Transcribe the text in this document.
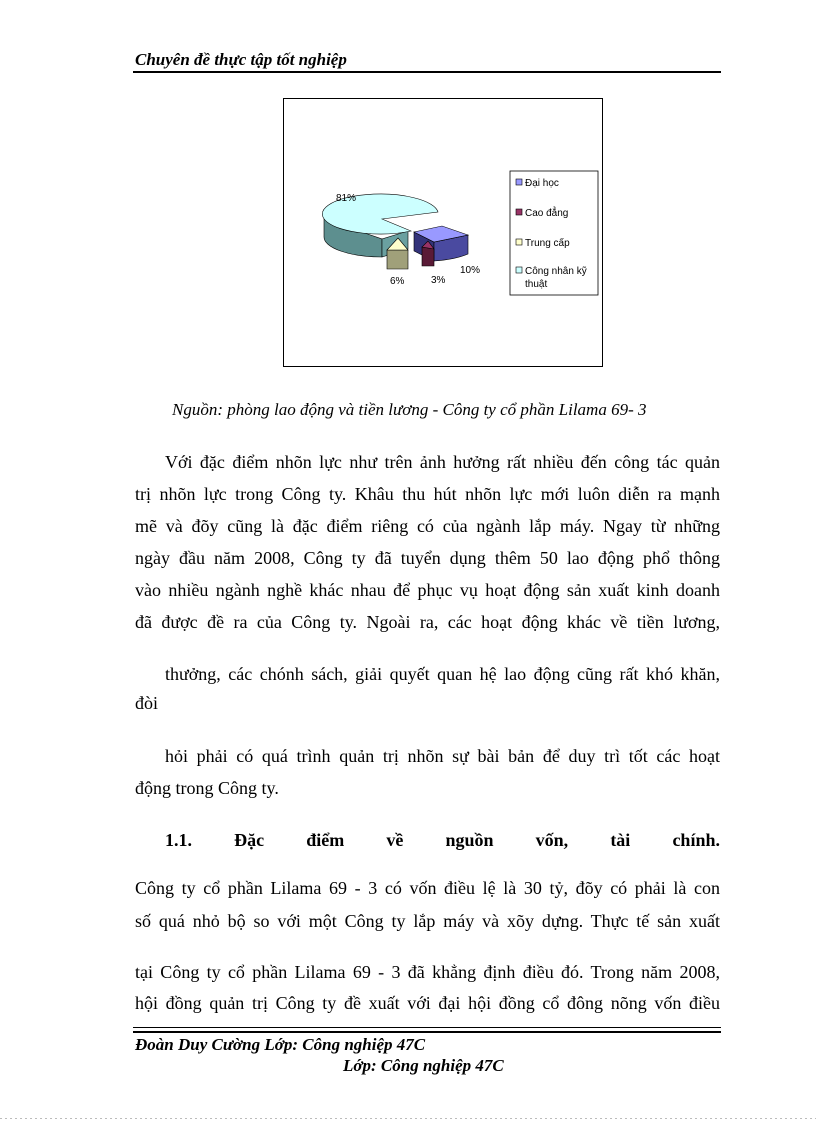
Chuyên đề thực tập tốt nghiệp
10%
3%
6%
81%
Đại học
Cao đẳng
Trung cấp
Công nhân kỹ
thuật
Nguồn: phòng lao động và tiền lương - Công ty cổ phần Lilama 69- 3
Với đặc điểm nhõn lực như trên ảnh hưởng rất nhiều đến công tác quản
trị nhõn lực trong Công ty. Khâu thu hút nhõn lực mới luôn diễn ra mạnh
mẽ và đõy cũng là đặc điểm riêng có của ngành lắp máy. Ngay từ những
ngày đầu năm 2008, Công ty đã tuyển dụng thêm 50 lao động phổ thông
vào nhiều ngành nghề khác nhau để phục vụ hoạt động sản xuất kinh doanh
đã được đề ra của Công ty. Ngoài ra, các hoạt động khác về tiền lương,
thưởng, các chónh sách, giải quyết quan hệ lao động cũng rất khó khăn,
đòi
hỏi phải có quá trình quản trị nhõn sự bài bản để duy trì tốt các hoạt
động trong Công ty.
1.1. Đặc điểm về nguồn vốn, tài chính.
Công ty cổ phần Lilama 69 - 3 có vốn điều lệ là 30 tỷ, đõy có phải là con
số quá nhỏ bộ so với một Công ty lắp máy và xõy dựng. Thực tế sản xuất
tại Công ty cổ phần Lilama 69 - 3 đã khẳng định điều đó. Trong năm 2008,
hội đồng quản trị Công ty đề xuất với đại hội đồng cổ đông nõng vốn điều
Đoàn Duy Cường Lớp: Công nghiệp 47C
Lớp: Công nghiệp 47C
